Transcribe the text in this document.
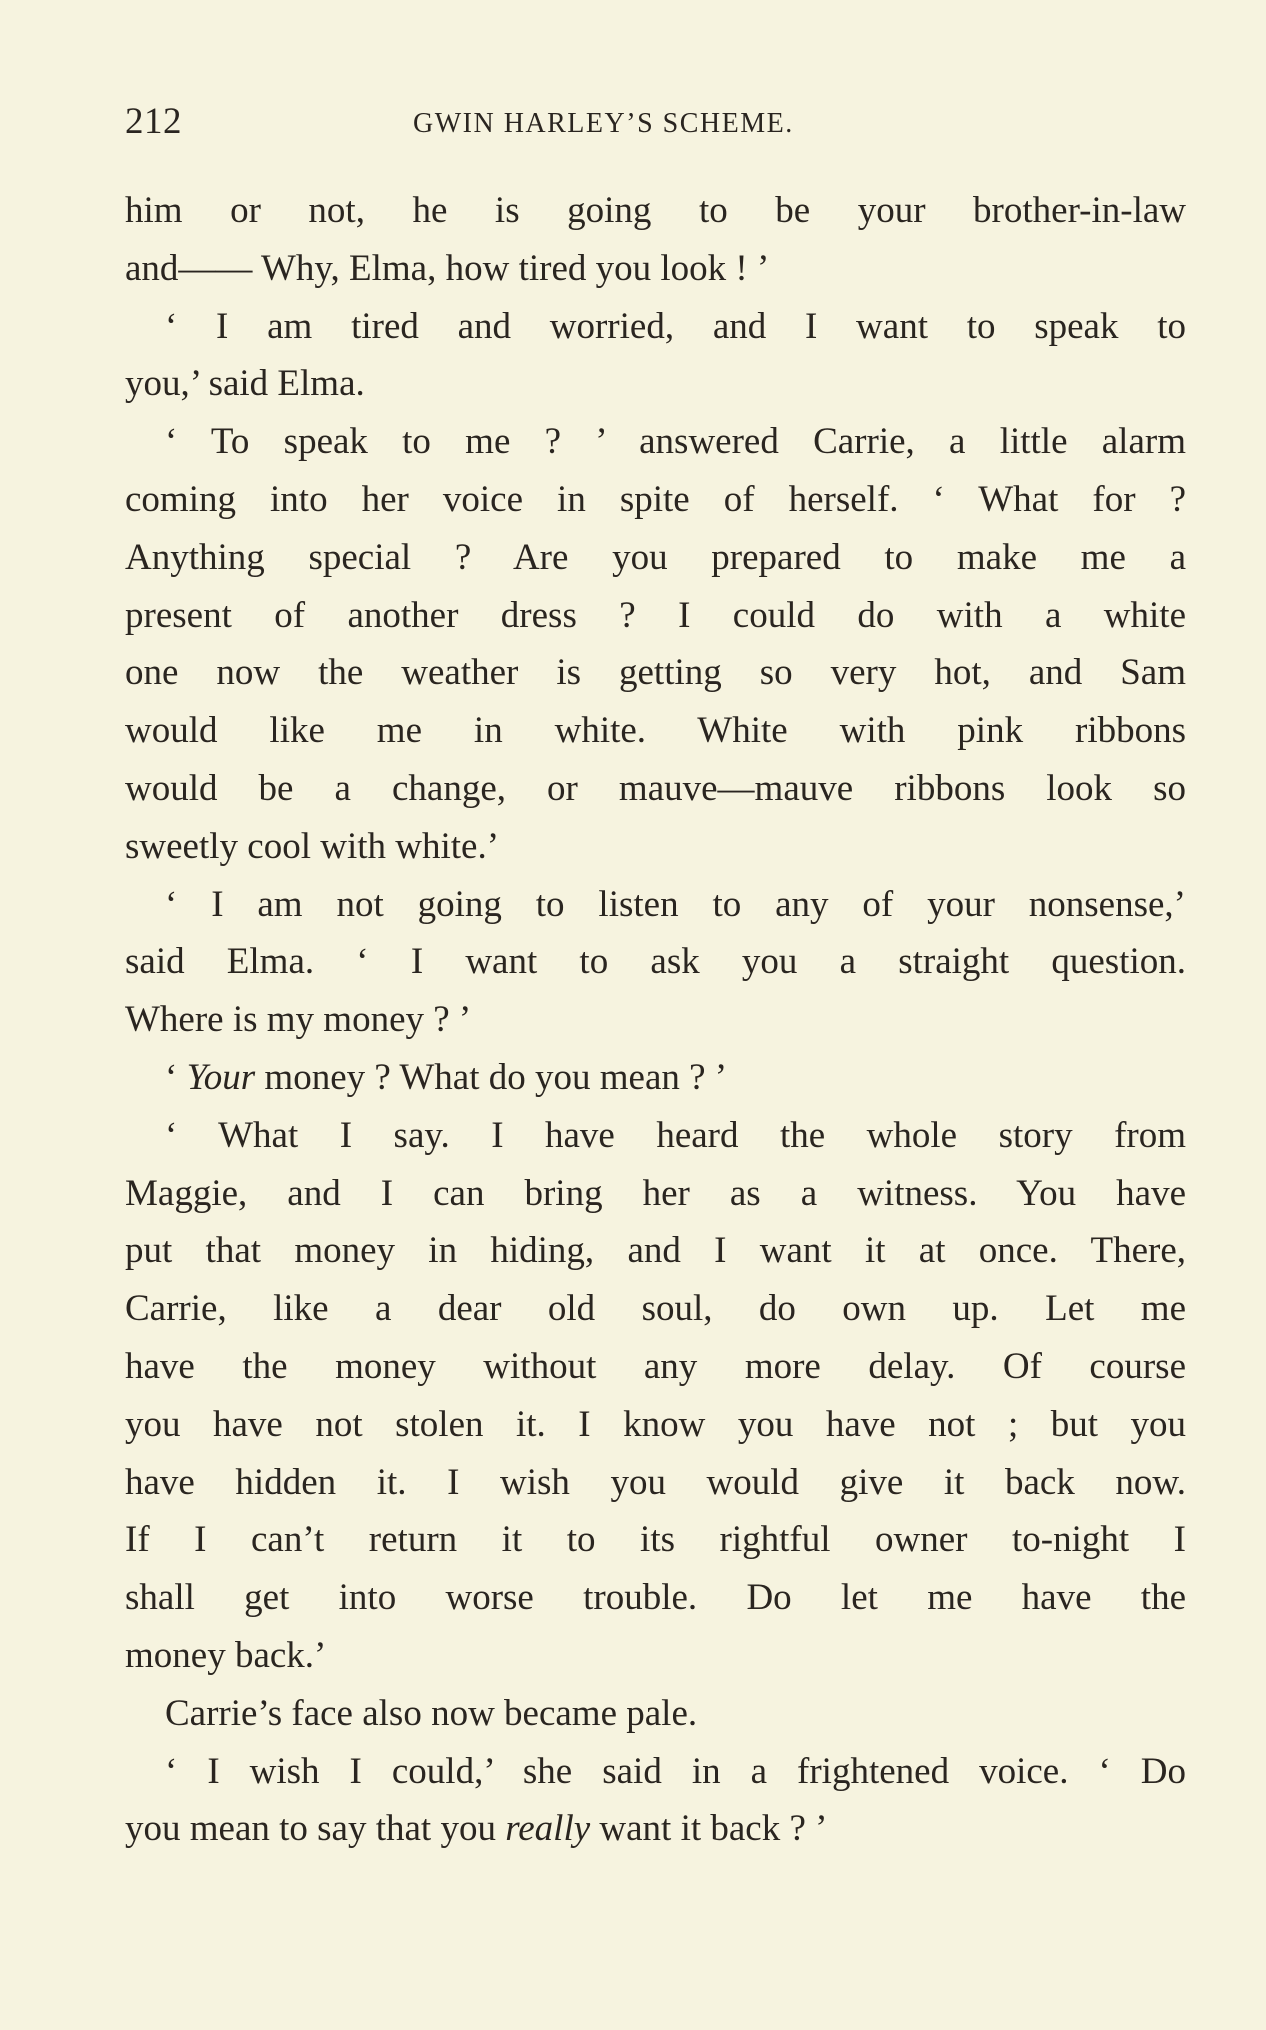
212	GWIN HARLEY’S SCHEME.
him or not, he is going to be your brother-in-law
and—— Why, Elma, how tired you look ! ’
‘ I am tired and worried, and I want to speak to
you,’ said Elma.
‘ To speak to me ? ’ answered Carrie, a little alarm
coming into her voice in spite of herself. ‘ What for ?
Anything special ? Are you prepared to make me a
present of another dress ? I could do with a white
one now the weather is getting so very hot, and Sam
would like me in white. White with pink ribbons
would be a change, or mauve—mauve ribbons look so
sweetly cool with white.’
‘ I am not going to listen to any of your nonsense,’
said Elma. ‘ I want to ask you a straight question.
Where is my money ? ’
‘ Your money ? What do you mean ? ’
‘ What I say. I have heard the whole story from
Maggie, and I can bring her as a witness. You have
put that money in hiding, and I want it at once. There,
Carrie, like a dear old soul, do own up. Let me
have the money without any more delay. Of course
you have not stolen it. I know you have not ; but you
have hidden it. I wish you would give it back now.
If I can’t return it to its rightful owner to-night I
shall get into worse trouble. Do let me have the
money back.’
Carrie’s face also now became pale.
‘ I wish I could,’ she said in a frightened voice. ‘ Do
you mean to say that you really want it back ? ’
